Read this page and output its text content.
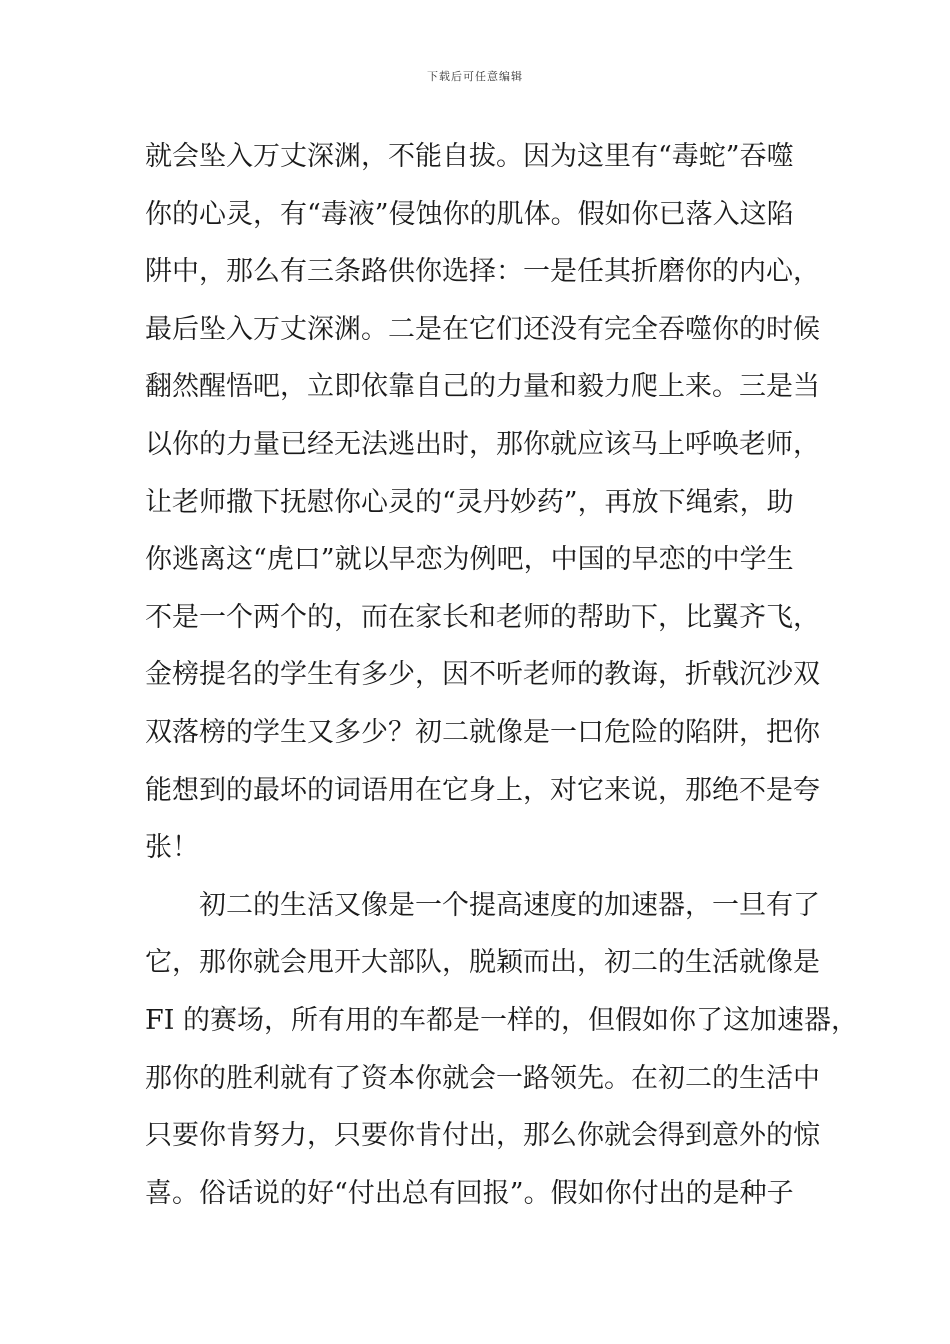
下载后可任意编辑
就会坠入万丈深渊，不能自拔。因为这里有“毒蛇”吞噬
你的心灵，有“毒液”侵蚀你的肌体。假如你已落入这陷
阱中，那么有三条路供你选择：一是任其折磨你的内心，
最后坠入万丈深渊。二是在它们还没有完全吞噬你的时候
翻然醒悟吧，立即依靠自己的力量和毅力爬上来。三是当
以你的力量已经无法逃出时，那你就应该马上呼唤老师，
让老师撒下抚慰你心灵的“灵丹妙药”，再放下绳索，助
你逃离这“虎口”就以早恋为例吧，中国的早恋的中学生
不是一个两个的，而在家长和老师的帮助下，比翼齐飞，
金榜提名的学生有多少，因不听老师的教诲，折戟沉沙双
双落榜的学生又多少？初二就像是一口危险的陷阱，把你
能想到的最坏的词语用在它身上，对它来说，那绝不是夸
张！
初二的生活又像是一个提高速度的加速器，一旦有了
它，那你就会甩开大部队，脱颖而出，初二的生活就像是
FI 的赛场，所有用的车都是一样的，但假如你了这加速器，
那你的胜利就有了资本你就会一路领先。在初二的生活中
只要你肯努力，只要你肯付出，那么你就会得到意外的惊
喜。俗话说的好“付出总有回报”。假如你付出的是种子
